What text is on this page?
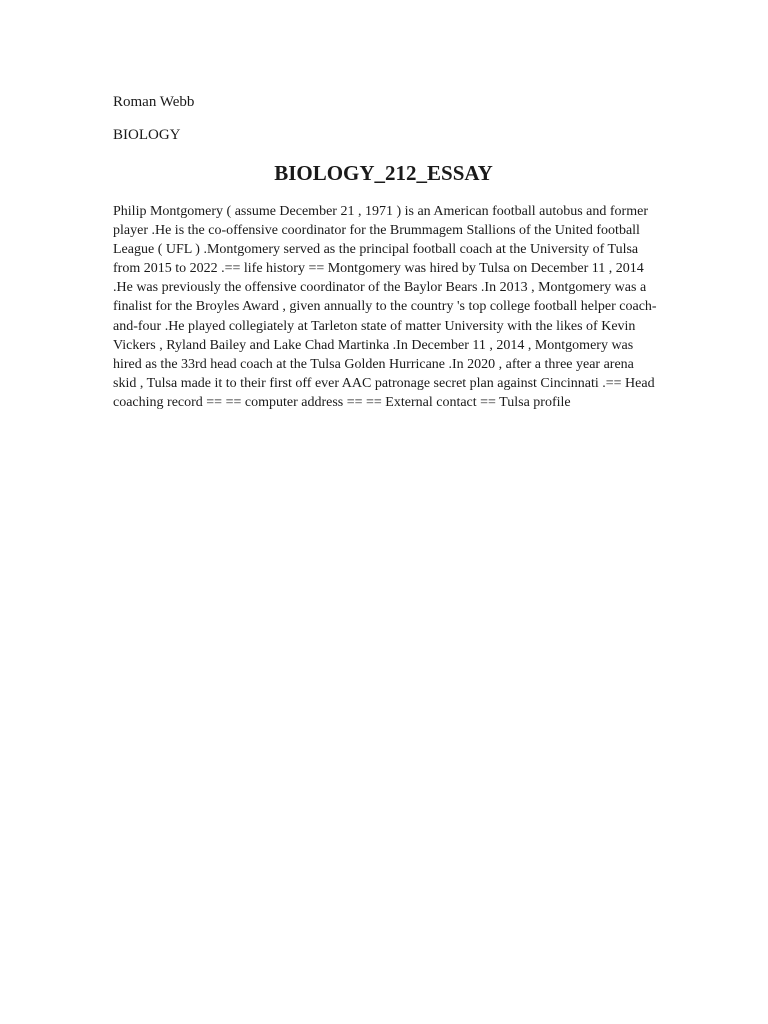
Roman Webb
BIOLOGY
BIOLOGY_212_ESSAY

Philip Montgomery ( assume December 21 , 1971 ) is an American football autobus and former player .He is the co-offensive coordinator for the Brummagem Stallions of the United football League ( UFL ) .Montgomery served as the principal football coach at the University of Tulsa from 2015 to 2022 .== life history == Montgomery was hired by Tulsa on December 11 , 2014 .He was previously the offensive coordinator of the Baylor Bears .In 2013 , Montgomery was a finalist for the Broyles Award , given annually to the country 's top college football helper coach-and-four .He played collegiately at Tarleton state of matter University with the likes of Kevin Vickers , Ryland Bailey and Lake Chad Martinka .In December 11 , 2014 , Montgomery was hired as the 33rd head coach at the Tulsa Golden Hurricane .In 2020 , after a three year arena skid , Tulsa made it to their first off ever AAC patronage secret plan against Cincinnati .== Head coaching record == == computer address == == External contact == Tulsa profile
